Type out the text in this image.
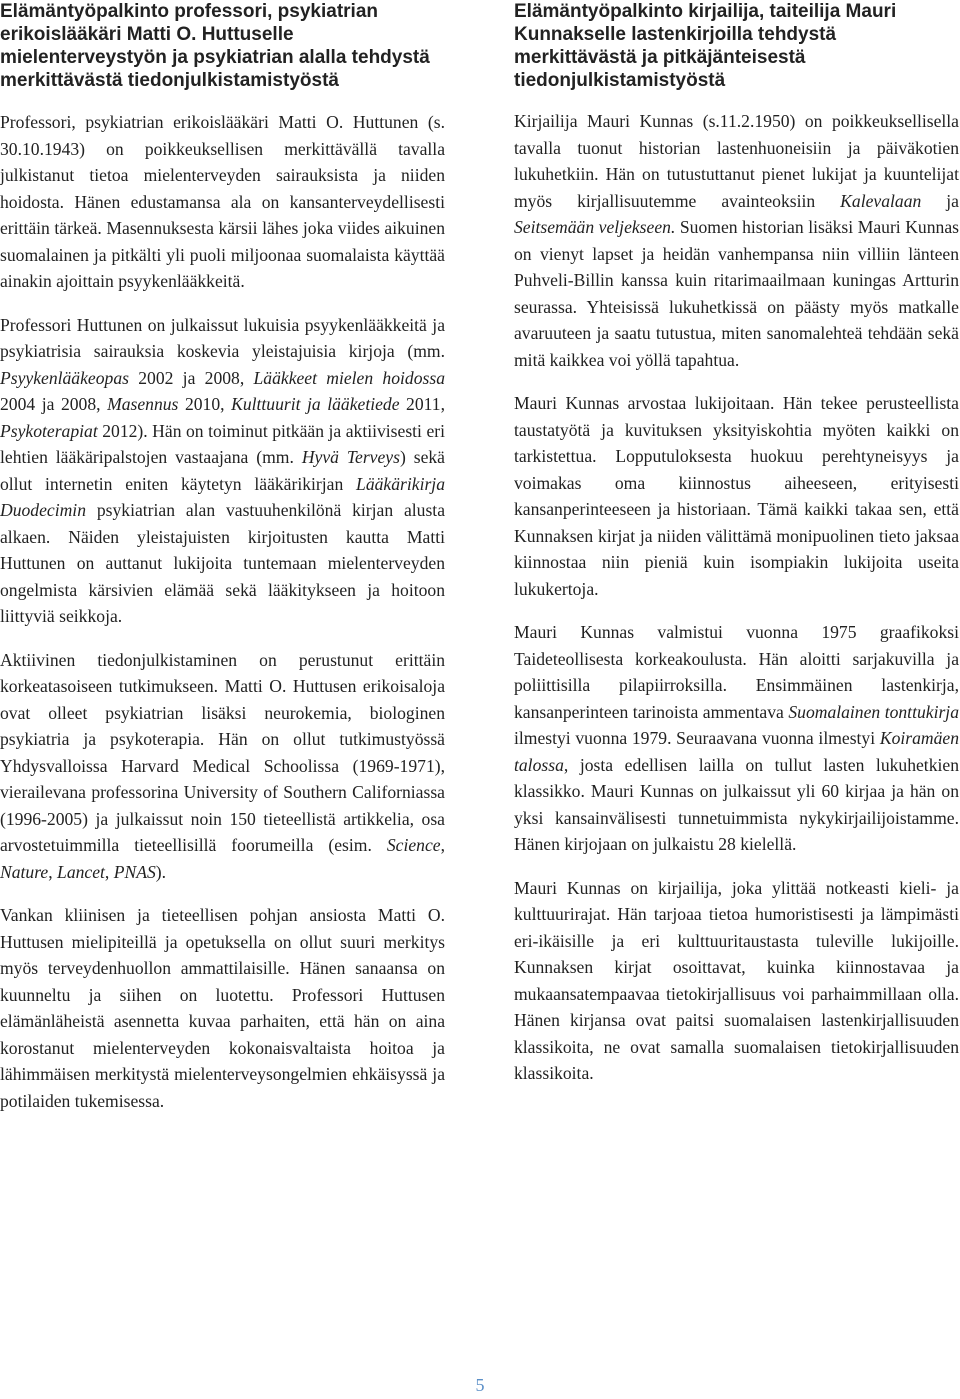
Elämäntyöpalkinto professori, psykiatrian erikoislääkäri Matti O. Huttuselle mielenterveystyön ja psykiatrian alalla tehdystä merkittävästä tiedonjulkistamistyöstä

Professori, psykiatrian erikoislääkäri Matti O. Huttunen (s. 30.10.1943) on poikkeuksellisen merkittävällä tavalla julkistanut tietoa mielenterveyden sairauksista ja niiden hoidosta. Hänen edustamansa ala on kansanterveydellisesti erittäin tärkeä. Masennuksesta kärsii lähes joka viides aikuinen suomalainen ja pitkälti yli puoli miljoonaa suomalaista käyttää ainakin ajoittain psyykenlääkkeitä.

Professori Huttunen on julkaissut lukuisia psyykenlääkkeitä ja psykiatrisia sairauksia koskevia yleistajuisia kirjoja (mm. Psyykenlääkeopas 2002 ja 2008, Lääkkeet mielen hoidossa 2004 ja 2008, Masennus 2010, Kulttuurit ja lääketiede 2011, Psykoterapiat 2012). Hän on toiminut pitkään ja aktiivisesti eri lehtien lääkäripalstojen vastaajana (mm. Hyvä Terveys) sekä ollut internetin eniten käytetyn lääkärikirjan Lääkärikirja Duodecimin psykiatrian alan vastuuhenkilönä kirjan alusta alkaen. Näiden yleistajuisten kirjoitusten kautta Matti Huttunen on auttanut lukijoita tuntemaan mielenterveyden ongelmista kärsivien elämää sekä lääkitykseen ja hoitoon liittyviä seikkoja.

Aktiivinen tiedonjulkistaminen on perustunut erittäin korkeatasoiseen tutkimukseen. Matti O. Huttusen erikoisaloja ovat olleet psykiatrian lisäksi neurokemia, biologinen psykiatria ja psykoterapia. Hän on ollut tutkimustyössä Yhdysvalloissa Harvard Medical Schoolissa (1969-1971), vierailevana professorina University of Southern Californiassa (1996-2005) ja julkaissut noin 150 tieteellistä artikkelia, osa arvostetuimmilla tieteellisillä foorumeilla (esim. Science, Nature, Lancet, PNAS).

Vankan kliinisen ja tieteellisen pohjan ansiosta Matti O. Huttusen mielipiteillä ja opetuksella on ollut suuri merkitys myös terveydenhuollon ammattilaisille. Hänen sanaansa on kuunneltu ja siihen on luotettu. Professori Huttusen elämänläheistä asennetta kuvaa parhaiten, että hän on aina korostanut mielenterveyden kokonaisvaltaista hoitoa ja lähimmäisen merkitystä mielenterveysongelmien ehkäisyssä ja potilaiden tukemisessa.

Elämäntyöpalkinto kirjailija, taiteilija Mauri Kunnakselle lastenkirjoilla tehdystä merkittävästä ja pitkäjänteisestä tiedonjulkistamistyöstä

Kirjailija Mauri Kunnas (s.11.2.1950) on poikkeuksellisella tavalla tuonut historian lastenhuoneisiin ja päiväkotien lukuhetkiin. Hän on tutustuttanut pienet lukijat ja kuuntelijat myös kirjallisuutemme avainteoksiin Kalevalaan ja Seitsemään veljekseen. Suomen historian lisäksi Mauri Kunnas on vienyt lapset ja heidän vanhempansa niin villiin länteen Puhveli-Billin kanssa kuin ritarimaailmaan kuningas Artturin seurassa. Yhteisissä lukuhetkissä on päästy myös matkalle avaruuteen ja saatu tutustua, miten sanomalehteä tehdään sekä mitä kaikkea voi yöllä tapahtua.

Mauri Kunnas arvostaa lukijoitaan. Hän tekee perusteellista taustatyötä ja kuvituksen yksityiskohtia myöten kaikki on tarkistettua. Lopputuloksesta huokuu perehtyneisyys ja voimakas oma kiinnostus aiheeseen, erityisesti kansanperinteeseen ja historiaan. Tämä kaikki takaa sen, että Kunnaksen kirjat ja niiden välittämä monipuolinen tieto jaksaa kiinnostaa niin pieniä kuin isompiakin lukijoita useita lukukertoja.

Mauri Kunnas valmistui vuonna 1975 graafikoksi Taideteollisesta korkeakoulusta. Hän aloitti sarjakuvilla ja poliittisilla pilapiirroksilla. Ensimmäinen lastenkirja, kansanperinteen tarinoista ammentava Suomalainen tonttukirja ilmestyi vuonna 1979. Seuraavana vuonna ilmestyi Koiramäen talossa, josta edellisen lailla on tullut lasten lukuhetkien klassikko. Mauri Kunnas on julkaissut yli 60 kirjaa ja hän on yksi kansainvälisesti tunnetuimmista nykykirjailijoistamme. Hänen kirjojaan on julkaistu 28 kielellä.

Mauri Kunnas on kirjailija, joka ylittää notkeasti kieli- ja kulttuurirajat. Hän tarjoaa tietoa humoristisesti ja lämpimästi eri-ikäisille ja eri kulttuuritaustasta tuleville lukijoille. Kunnaksen kirjat osoittavat, kuinka kiinnostavaa ja mukaansatempaavaa tietokirjallisuus voi parhaimmillaan olla. Hänen kirjansa ovat paitsi suomalaisen lastenkirjallisuuden klassikoita, ne ovat samalla suomalaisen tietokirjallisuuden klassikoita.

5
